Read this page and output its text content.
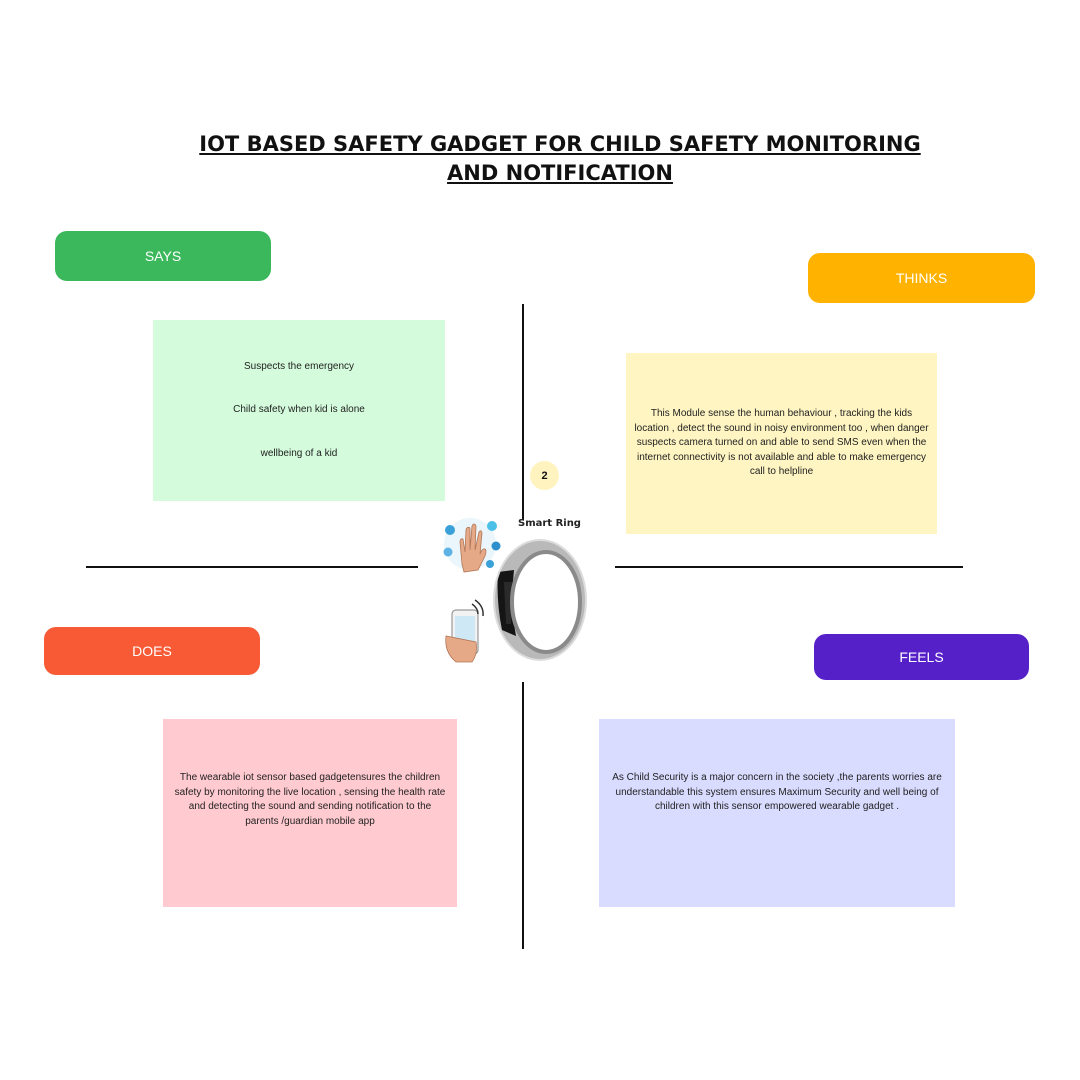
IOT BASED SAFETY GADGET FOR CHILD SAFETY MONITORING AND NOTIFICATION
SAYS

Suspects the emergency

Child safety when kid is alone

wellbeing of a kid

THINKS

This Module sense the human behaviour , tracking the kids location , detect the sound in noisy environment too , when danger suspects camera turned on and able to send SMS even when the internet connectivity is not available and able to make emergency call to helpline

DOES

The wearable iot sensor based gadgetensures the children safety by monitoring the live location , sensing the health rate and detecting the sound and sending notification to the parents /guardian mobile app

FEELS

As Child Security is a major concern in the society ,the parents worries are understandable this system ensures Maximum Security and well being of children with this sensor empowered wearable gadget .

2
Smart Ring
